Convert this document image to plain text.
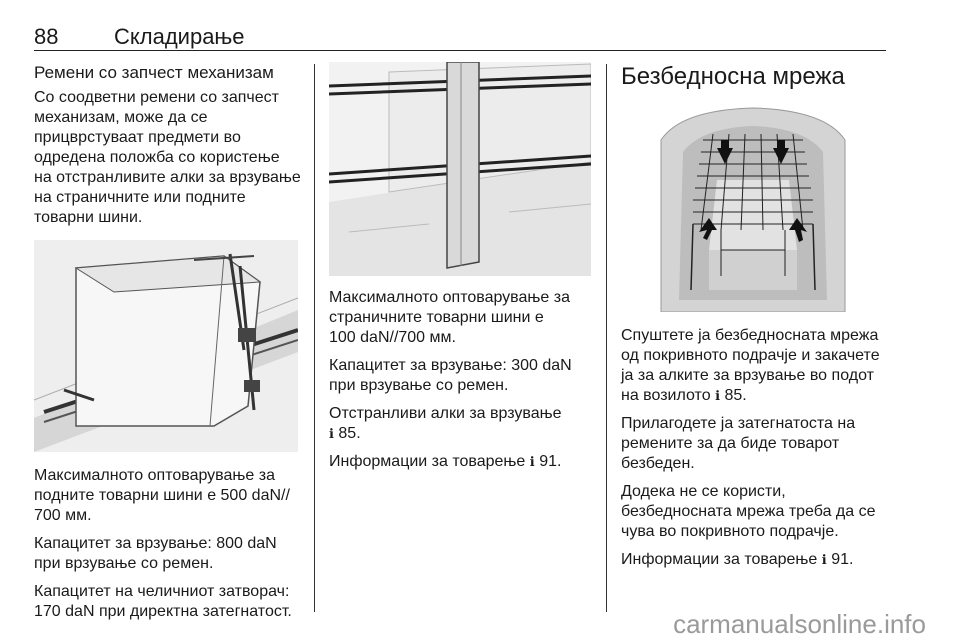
88	Складирање
Ремени со запчест механизам

Со соодветни ремени со запчест
механизам, може да се
прицврстуваат предмети во
одредена положба со користење
на отстранливите алки за врзување
на страничните или подните
товарни шини.

Максималното оптоварување за
подните товарни шини е 500 daN//
700 мм.

Капацитет за врзување: 800 daN
при врзување со ремен.

Капацитет на челичниот затворач:
170 daN при директна затегнатост.

Максималното оптоварување за
страничните товарни шини е
100 daN//700 мм.

Капацитет за врзување: 300 daN
при врзување со ремен.

Отстранливи алки за врзување
ℹ 85.

Информации за товарење ℹ 91.

Безбедносна мрежа

Спуштете ја безбедносната мрежа
од покривното подрачје и закачете
ја за алките за врзување во подот
на возилото ℹ 85.

Прилагодете ја затегнатоста на
ремените за да биде товарот
безбеден.

Додека не се користи,
безбедносната мрежа треба да се
чува во покривното подрачје.

Информации за товарење ℹ 91.

carmanualsonline.info
